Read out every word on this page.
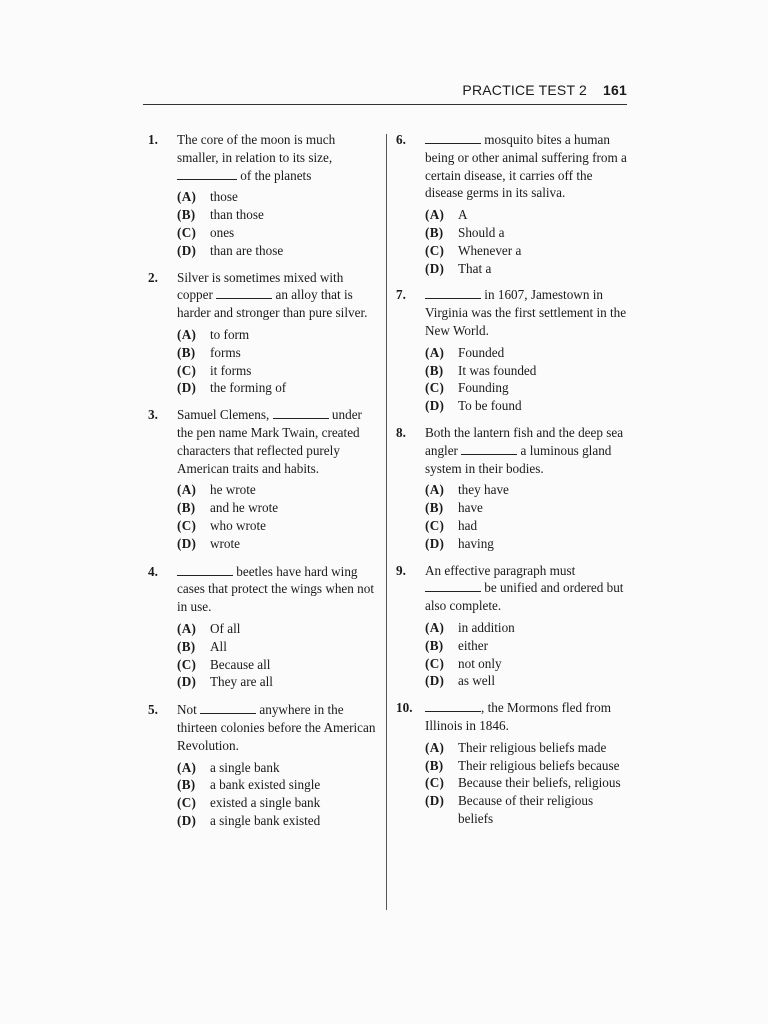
PRACTICE TEST 2 161
1.	The core of the moon is much smaller, in relation to its size,  of the planets
(A) those
(B) than those
(C) ones
(D) than are those
2.	Silver is sometimes mixed with copper	an alloy that is harder and stronger than pure silver.
(A) to form
(B) forms
(C) it forms
(D) the forming of
3.	Samuel Clemens,	under the pen name Mark Twain, created characters that reflected purely American traits and habits.
(A) he wrote
(B) and he wrote
(C) who wrote
(D) wrote
4.	beetles have hard wing cases that protect the wings when not in use.
(A) Of all
(B) All
(C) Because all
(D) They are all
5.	Not	anywhere in the thirteen colonies before the American Revolution.
(A) a single bank
(B) a bank existed single
(C) existed a single bank
(D) a single bank existed
6.	mosquito bites a human being or other animal suffering from a certain disease, it carries off the disease germs in its saliva.
(A) A
(B) Should a
(C) Whenever a
(D) That a
7.	in 1607, Jamestown in Virginia was the first settlement in the New World.
(A) Founded
(B) It was founded
(C) Founding
(D) To be found
8.	Both the lantern fish and the deep sea angler	a luminous gland system in their bodies.
(A) they have
(B) have
(C) had
(D) having
9.	An effective paragraph must  be unified and ordered but also complete.
(A) in addition
(B) either
(C) not only
(D) as well
10.	, the Mormons fled from Illinois in 1846.
(A) Their religious beliefs made
(B) Their religious beliefs because
(C) Because their beliefs, religious
(D) Because of their religious beliefs
